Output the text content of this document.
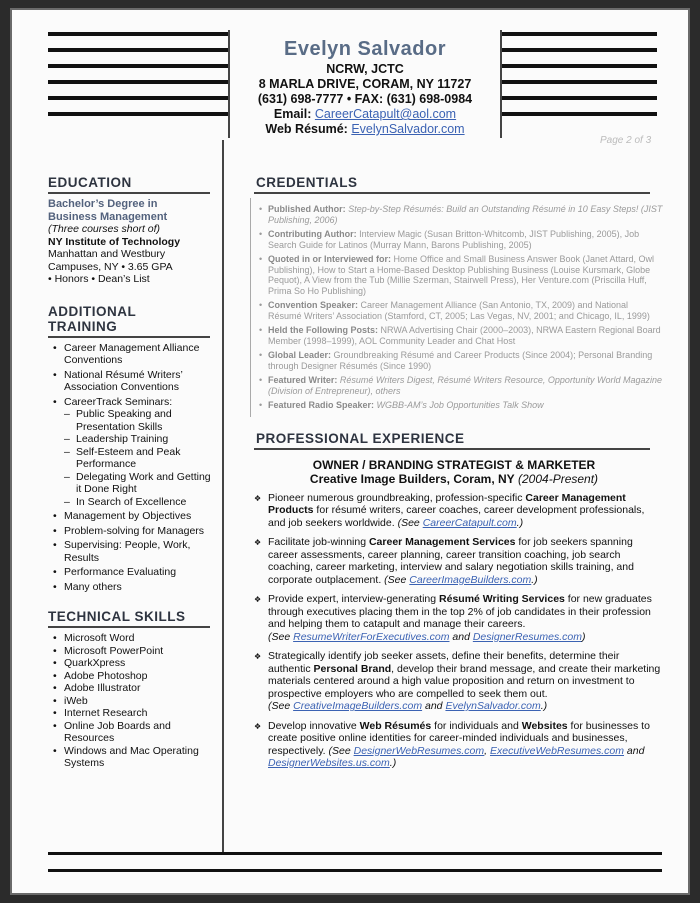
Evelyn Salvador
NCRW, JCTC
8 MARLA DRIVE, CORAM, NY 11727
(631) 698-7777 • FAX: (631) 698-0984
Email: CareerCatapult@aol.com
Web Résumé: EvelynSalvador.com
Page 2 of 3
EDUCATION
Bachelor’s Degree in
Business Management
(Three courses short of)
NY Institute of Technology
Manhattan and Westbury
Campuses, NY • 3.65 GPA
• Honors • Dean’s List
ADDITIONAL
TRAINING
• Career Management Alliance Conventions
• National Résumé Writers’ Association Conventions
• CareerTrack Seminars:
– Public Speaking and Presentation Skills
– Leadership Training
– Self-Esteem and Peak Performance
– Delegating Work and Getting it Done Right
– In Search of Excellence
• Management by Objectives
• Problem-solving for Managers
• Supervising: People, Work, Results
• Performance Evaluating
• Many others
TECHNICAL SKILLS
• Microsoft Word
• Microsoft PowerPoint
• QuarkXpress
• Adobe Photoshop
• Adobe Illustrator
• iWeb
• Internet Research
• Online Job Boards and Resources
• Windows and Mac Operating Systems
CREDENTIALS
• Published Author: Step-by-Step Résumés: Build an Outstanding Résumé in 10 Easy Steps! (JIST Publishing, 2006)
• Contributing Author: Interview Magic (Susan Britton-Whitcomb, JIST Publishing, 2005), Job Search Guide for Latinos (Murray Mann, Barons Publishing, 2005)
• Quoted in or Interviewed for: Home Office and Small Business Answer Book (Janet Attard, Owl Publishing), How to Start a Home-Based Desktop Publishing Business (Louise Kursmark, Globe Pequot), A View from the Tub (Millie Szerman, Stairwell Press), Her Venture.com (Priscilla Huff, Prima So Ho Publishing)
• Convention Speaker: Career Management Alliance (San Antonio, TX, 2009) and National Résumé Writers’ Association (Stamford, CT, 2005; Las Vegas, NV, 2001; and Chicago, IL, 1999)
• Held the Following Posts: NRWA Advertising Chair (2000–2003), NRWA Eastern Regional Board Member (1998–1999), AOL Community Leader and Chat Host
• Global Leader: Groundbreaking Résumé and Career Products (Since 2004); Personal Branding through Designer Résumés (Since 1990)
• Featured Writer: Résumé Writers Digest, Résumé Writers Resource, Opportunity World Magazine (Division of Entrepreneur), others
• Featured Radio Speaker: WGBB-AM’s Job Opportunities Talk Show
PROFESSIONAL EXPERIENCE
OWNER / BRANDING STRATEGIST & MARKETER
Creative Image Builders, Coram, NY (2004-Present)
❖ Pioneer numerous groundbreaking, profession-specific Career Management Products for résumé writers, career coaches, career development professionals, and job seekers worldwide. (See CareerCatapult.com.)
❖ Facilitate job-winning Career Management Services for job seekers spanning career assessments, career planning, career transition coaching, job search coaching, career marketing, interview and salary negotiation skills training, and corporate outplacement. (See CareerImageBuilders.com.)
❖ Provide expert, interview-generating Résumé Writing Services for new graduates through executives placing them in the top 2% of job candidates in their profession and helping them to catapult and manage their careers.
(See ResumeWriterForExecutives.com and DesignerResumes.com)
❖ Strategically identify job seeker assets, define their benefits, determine their authentic Personal Brand, develop their brand message, and create their marketing materials centered around a high value proposition and return on investment to prospective employers who are compelled to seek them out.
(See CreativeImageBuilders.com and EvelynSalvador.com.)
❖ Develop innovative Web Résumés for individuals and Websites for businesses to create positive online identities for career-minded individuals and businesses, respectively. (See DesignerWebResumes.com, ExecutiveWebResumes.com and DesignerWebsites.us.com.)
